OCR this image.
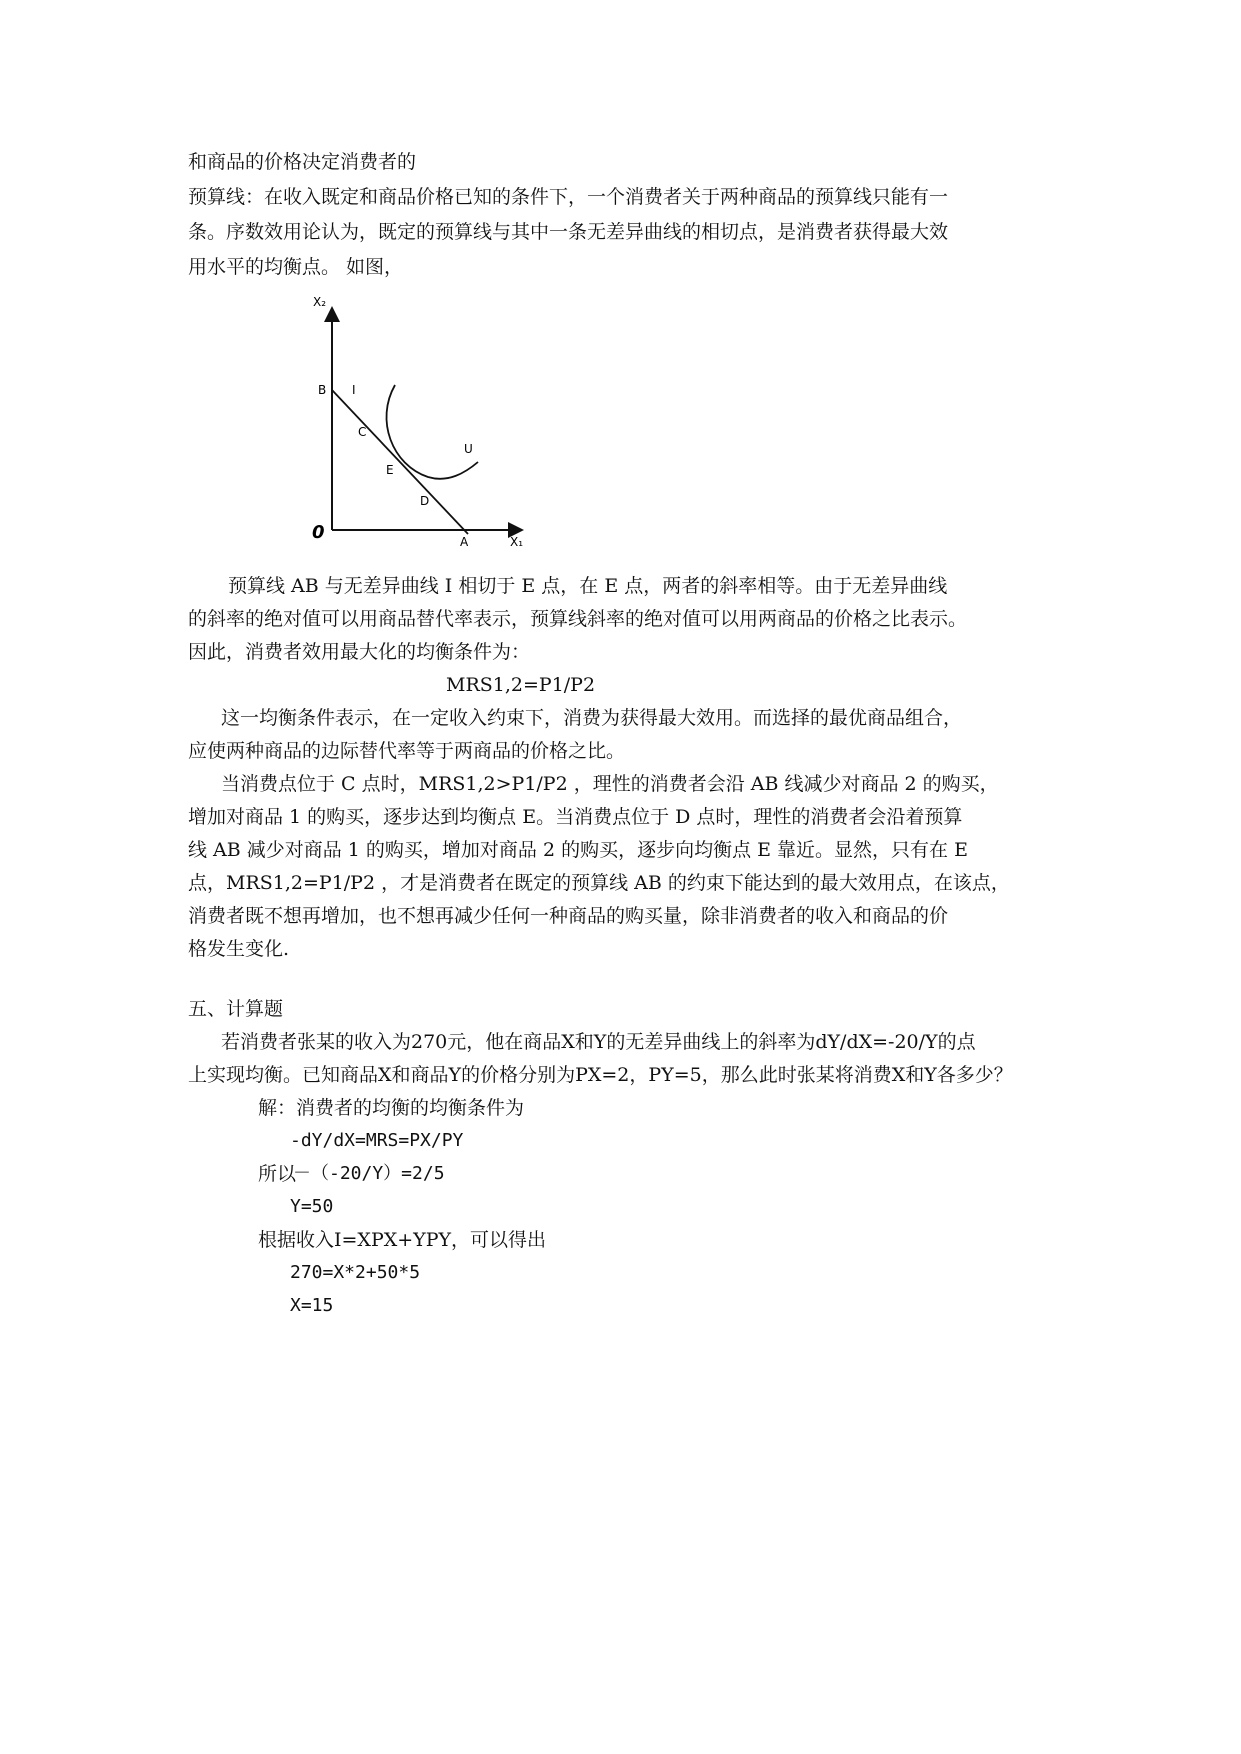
和商品的价格决定消费者的
预算线：在收入既定和商品价格已知的条件下，一个消费者关于两种商品的预算线只能有一
条。序数效用论认为，既定的预算线与其中一条无差异曲线的相切点，是消费者获得最大效
用水平的均衡点。 如图，
X₂
X₁
0
B I
C
E
D
U
A
预算线 AB 与无差异曲线 I 相切于 E 点，在 E 点，两者的斜率相等。由于无差异曲线
的斜率的绝对值可以用商品替代率表示，预算线斜率的绝对值可以用两商品的价格之比表示。
因此，消费者效用最大化的均衡条件为：
MRS1,2=P1/P2
这一均衡条件表示，在一定收入约束下，消费为获得最大效用。而选择的最优商品组合，
应使两种商品的边际替代率等于两商品的价格之比。
当消费点位于 C 点时，MRS1,2>P1/P2 ，理性的消费者会沿 AB 线减少对商品 2 的购买，
增加对商品 1 的购买，逐步达到均衡点 E。当消费点位于 D 点时，理性的消费者会沿着预算
线 AB 减少对商品 1 的购买，增加对商品 2 的购买，逐步向均衡点 E 靠近。显然，只有在 E
点，MRS1,2=P1/P2 ，才是消费者在既定的预算线 AB 的约束下能达到的最大效用点，在该点，
消费者既不想再增加，也不想再减少任何一种商品的购买量，除非消费者的收入和商品的价
格发生变化.
五、计算题
若消费者张某的收入为270元，他在商品X和Y的无差异曲线上的斜率为dY/dX=-20/Y的点
上实现均衡。已知商品X和商品Y的价格分别为PX=2，PY=5，那么此时张某将消费X和Y各多少？
解：消费者的均衡的均衡条件为
-dY/dX=MRS=PX/PY
所以
－（-20/Y）=2/5
Y=50
根据收入I=XPX+YPY，可以得出
270=X*2+50*5
X=15
